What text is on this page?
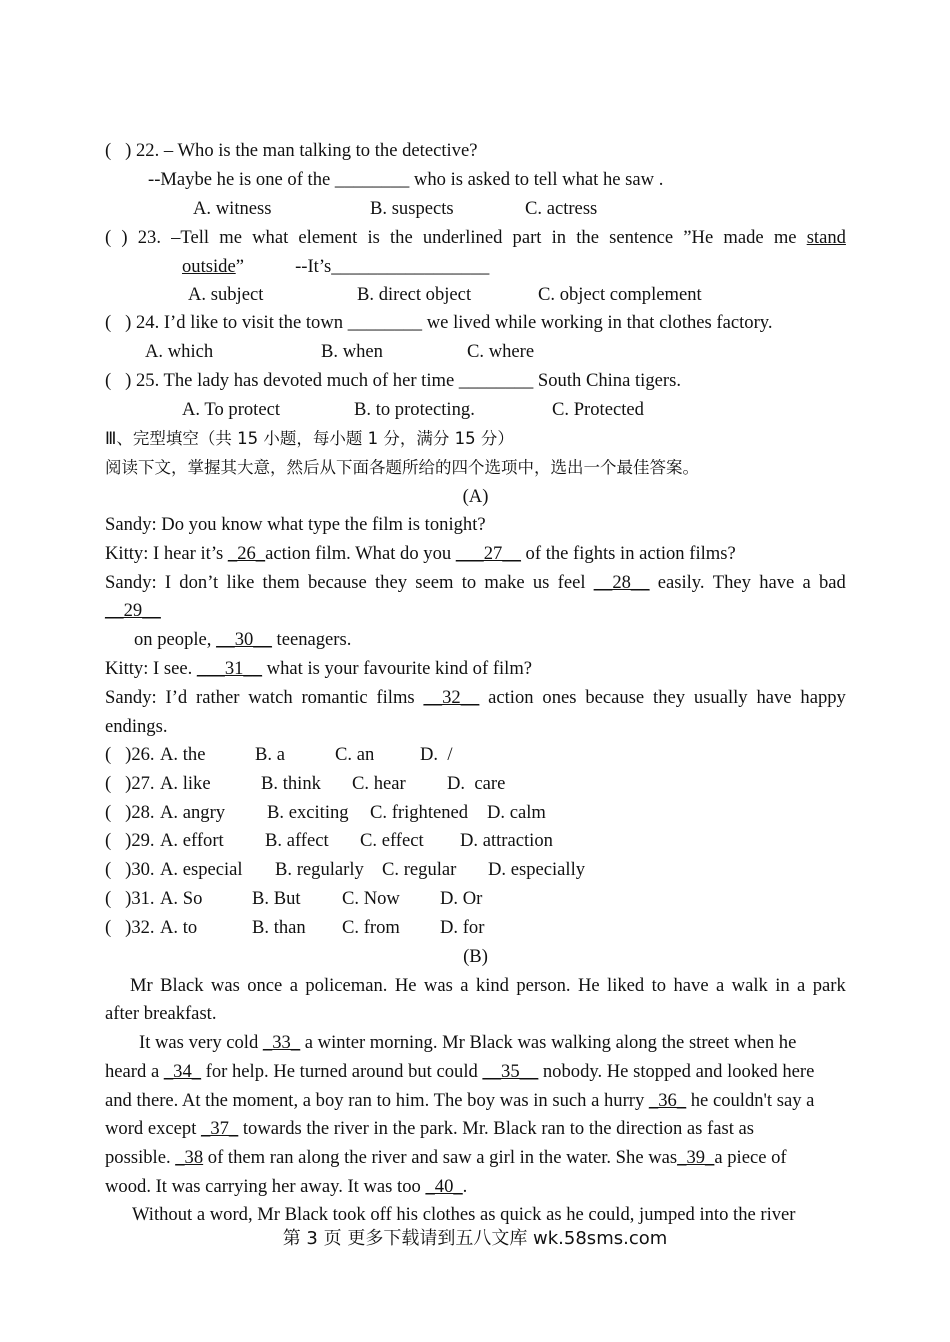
(   ) 22. – Who is the man talking to the detective?
--Maybe he is one of the ________ who is asked to tell what he saw .
A. witness	B. suspects	C. actress
( ) 23. –Tell me what element is the underlined part in the sentence ”He made me stand
outside”           --It’s_________________
A. subject	B. direct object	C. object complement
(   ) 24. I’d like to visit the town ________ we lived while working in that clothes factory.
A. which	B. when	C. where
(   ) 25. The lady has devoted much of her time ________ South China tigers.
A. To protect	B. to protecting.	C. Protected
Ⅲ、完型填空（共 15 小题，每小题 1 分，满分 15 分）
阅读下文，掌握其大意，然后从下面各题所给的四个选项中，选出一个最佳答案。
(A)
Sandy: Do you know what type the film is tonight?
Kitty: I hear it’s _26_action film. What do you ___27__ of the fights in action films?
Sandy: I don’t like them because they seem to make us feel __28__ easily. They have a bad
__29__
on people, __30__ teenagers.
Kitty: I see. ___31__ what is your favourite kind of film?
Sandy: I’d rather watch romantic films __32__ action ones because they usually have happy
endings.
(   )26. A. the	B. a	C. an D.  /
(   )27. A. like	B. think C. hear D.  care
(   )28. A. angry B. exciting C. frightened D. calm
(   )29. A. effort B. affect C. effect D. attraction
(   )30. A. especial B. regularly C. regular D. especially
(   )31. A. So	B. But C. Now D. Or
(   )32. A. to	B. than C. from D. for
(B)
Mr Black was once a policeman. He was a kind person. He liked to have a walk in a park
after breakfast.
It was very cold _33_ a winter morning. Mr Black was walking along the street when he
heard a _34_ for help. He turned around but could __35__ nobody. He stopped and looked here
and there. At the moment, a boy ran to him. The boy was in such a hurry _36_ he couldn't say a
word except _37_ towards the river in the park. Mr. Black ran to the direction as fast as
possible. _38 of them ran along the river and saw a girl in the water. She was_39_a piece of
wood. It was carrying her away. It was too _40_.
Without a word, Mr Black took off his clothes as quick as he could, jumped into the river
第 3 页 更多下载请到五八文库 wk.58sms.com
